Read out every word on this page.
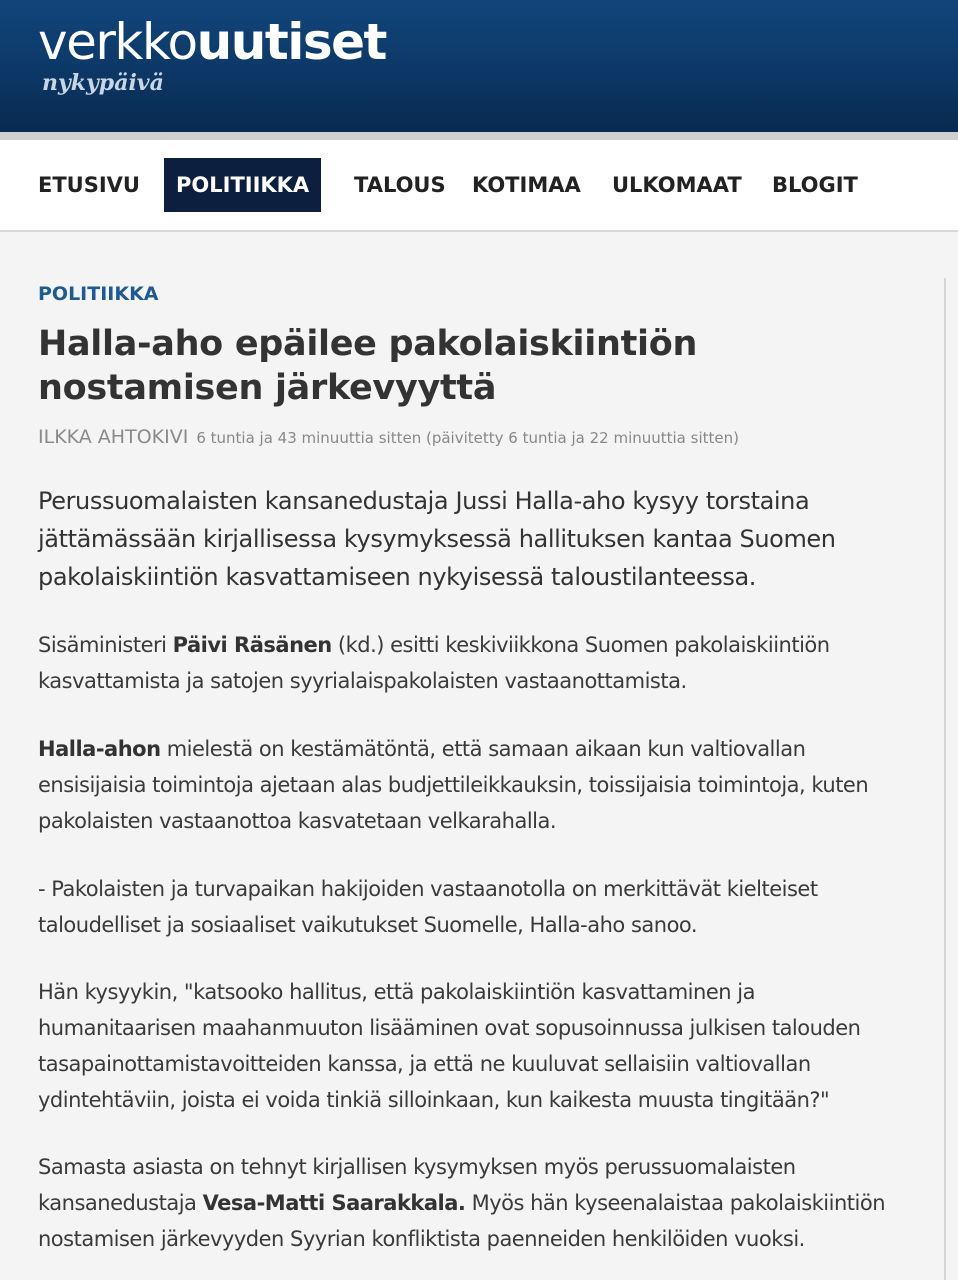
verkkouutiset
nykypäivä
ETUSIVU	POLITIIKKA	TALOUS KOTIMAA ULKOMAAT BLOGIT
POLITIIKKA
Halla-aho epäilee pakolaiskiintiön nostamisen järkevyyttä
ILKKA AHTOKIVI 6 tuntia ja 43 minuuttia sitten (päivitetty 6 tuntia ja 22 minuuttia sitten)

Perussuomalaisten kansanedustaja Jussi Halla-aho kysyy torstaina jättämässään kirjallisessa kysymyksessä hallituksen kantaa Suomen pakolaiskiintiön kasvattamiseen nykyisessä taloustilanteessa.

Sisäministeri Päivi Räsänen (kd.) esitti keskiviikkona Suomen pakolaiskiintiön kasvattamista ja satojen syyrialaispakolaisten vastaanottamista.

Halla-ahon mielestä on kestämätöntä, että samaan aikaan kun valtiovallan ensisijaisia toimintoja ajetaan alas budjettileikkauksin, toissijaisia toimintoja, kuten pakolaisten vastaanottoa kasvatetaan velkarahalla.

- Pakolaisten ja turvapaikan hakijoiden vastaanotolla on merkittävät kielteiset taloudelliset ja sosiaaliset vaikutukset Suomelle, Halla-aho sanoo.

Hän kysyykin, "katsooko hallitus, että pakolaiskiintiön kasvattaminen ja humanitaarisen maahanmuuton lisääminen ovat sopusoinnussa julkisen talouden tasapainottamistavoitteiden kanssa, ja että ne kuuluvat sellaisiin valtiovallan ydintehtäviin, joista ei voida tinkiä silloinkaan, kun kaikesta muusta tingitään?"

Samasta asiasta on tehnyt kirjallisen kysymyksen myös perussuomalaisten kansanedustaja Vesa-Matti Saarakkala. Myös hän kyseenalaistaa pakolaiskiintiön nostamisen järkevyyden Syyrian konfliktista paenneiden henkilöiden vuoksi.
